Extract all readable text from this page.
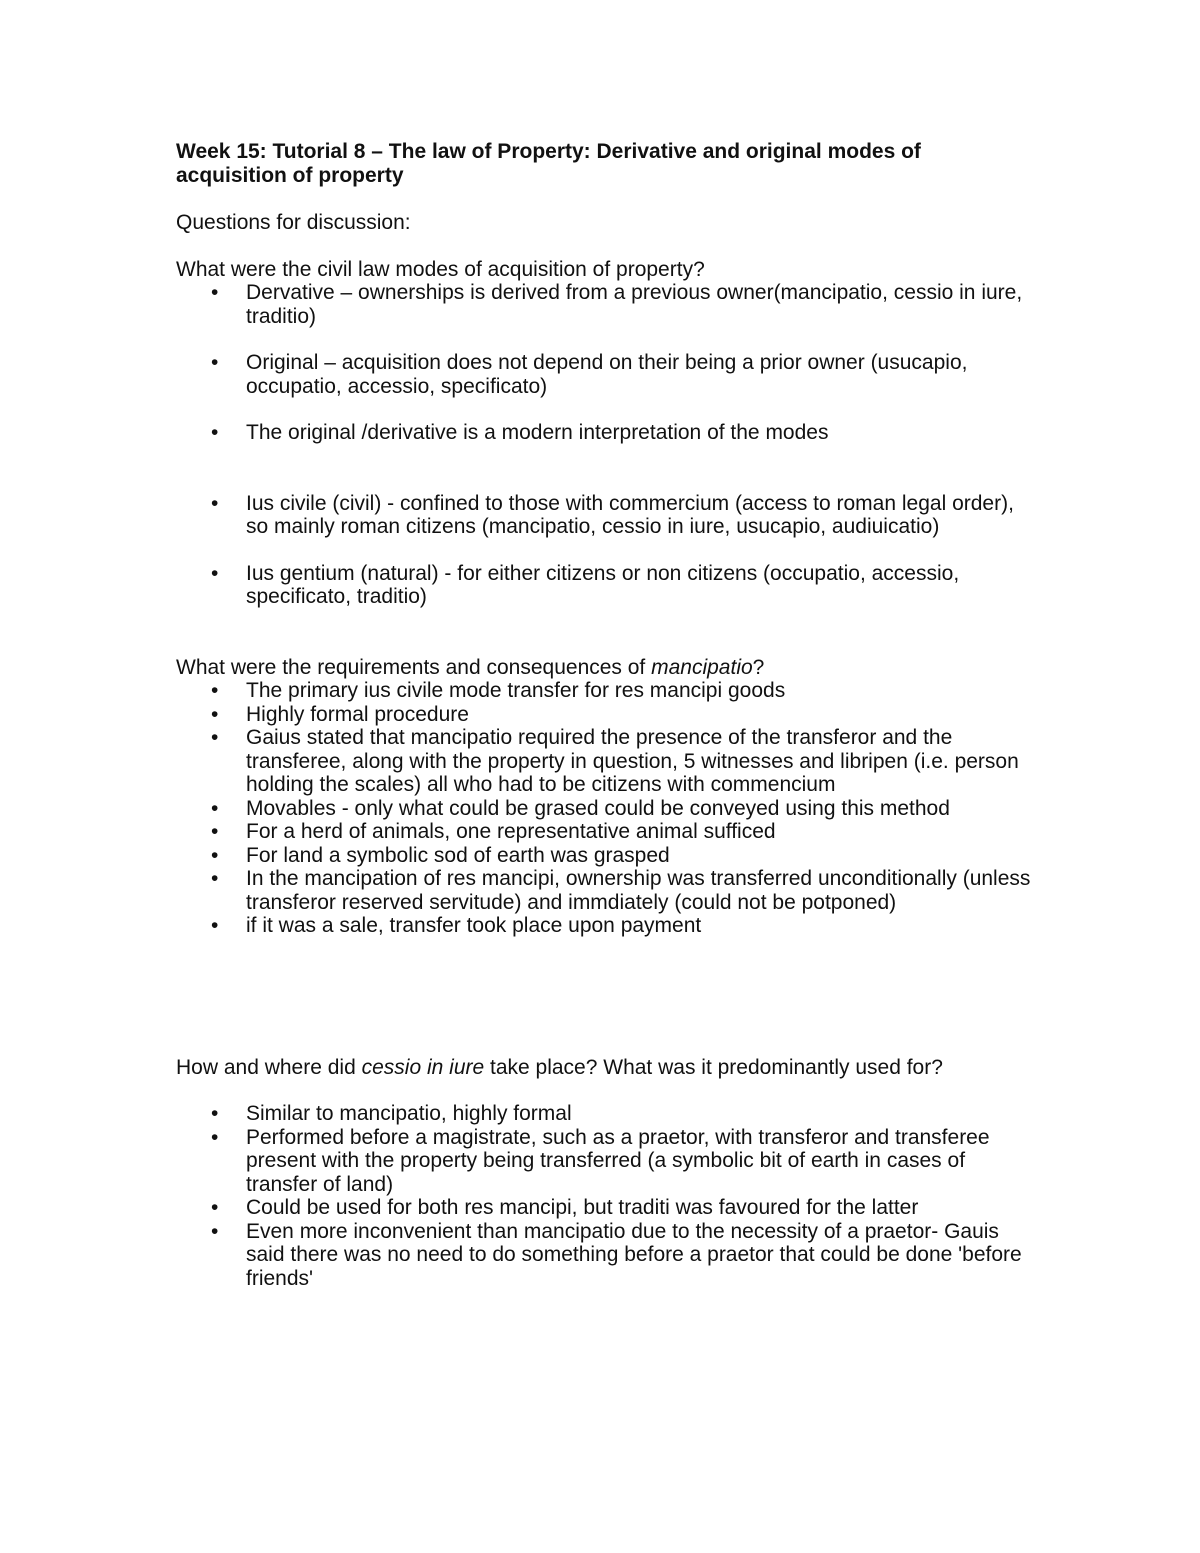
Week 15: Tutorial 8 – The law of Property: Derivative and original modes of acquisition of property

Questions for discussion:

What were the civil law modes of acquisition of property?

• Dervative – ownerships is derived from a previous owner(mancipatio, cessio in iure, traditio)
• Original – acquisition does not depend on their being a prior owner (usucapio, occupatio, accessio, specificato)
• The original /derivative is a modern interpretation of the modes
• Ius civile (civil) - confined to those with commercium (access to roman legal order), so mainly roman citizens (mancipatio, cessio in iure, usucapio, audiuicatio)
• Ius gentium (natural) - for either citizens or non citizens (occupatio, accessio, specificato, traditio)

What were the requirements and consequences of mancipatio?

• The primary ius civile mode transfer for res mancipi goods
• Highly formal procedure
• Gaius stated that mancipatio required the presence of the transferor and the transferee, along with the property in question, 5 witnesses and libripen (i.e. person holding the scales) all who had to be citizens with commencium
• Movables - only what could be grased could be conveyed using this method
• For a herd of animals, one representative animal sufficed
• For land a symbolic sod of earth was grasped
• In the mancipation of res mancipi, ownership was transferred unconditionally (unless transferor reserved servitude) and immdiately (could not be potponed)
• if it was a sale, transfer took place upon payment

How and where did cessio in iure take place? What was it predominantly used for?

• Similar to mancipatio, highly formal
• Performed before a magistrate, such as a praetor, with transferor and transferee present with the property being transferred (a symbolic bit of earth in cases of transfer of land)
• Could be used for both res mancipi, but traditi was favoured for the latter
• Even more inconvenient than mancipatio due to the necessity of a praetor- Gauis said there was no need to do something before a praetor that could be done 'before friends'
